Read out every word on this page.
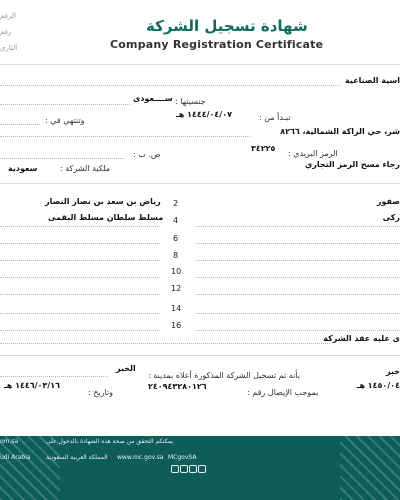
الرقم
رقم
التاري
شهادة تسجيل الشركة
Company Registration Certificate
اسية الصناعية
جنسيتها :
ســــعودى
تبـدأ من :
١٤٤٤/٠٤/٠٧ هـ
وتنتهي في :
شر، حي الراكة الشمالية، ٨٢٦٦
الرمز البريدي :
٣٤٢٢٥
ص. ب :
رجاء مسح الرمز التجاري
ملكية الشركة :
سعودية
رياض بن سعد بن نصار النصار
مسلط سلطان مسلط البقمى
صفور
ركى
2
4
6
8
10
12
14
16
ى عليه عقد الشركة
خبر
بأنه تم تسجيل الشركة المذكورة أعلاه بمدينة :
الخبر
١٤٥٠/٠٤ هـ
بموجب الإيصال رقم :
٢٤٠٩٤٣٢٨٠١٢٦
وتاريخ :
١٤٤٦/٠٣/١٦ هـ
om.sa	يمكنكم التحقق من صحة هذه الشهادة بالدخول على
udi Arabia	المملكة العربية السعودية www.mc.gov.sa MCgovSA
